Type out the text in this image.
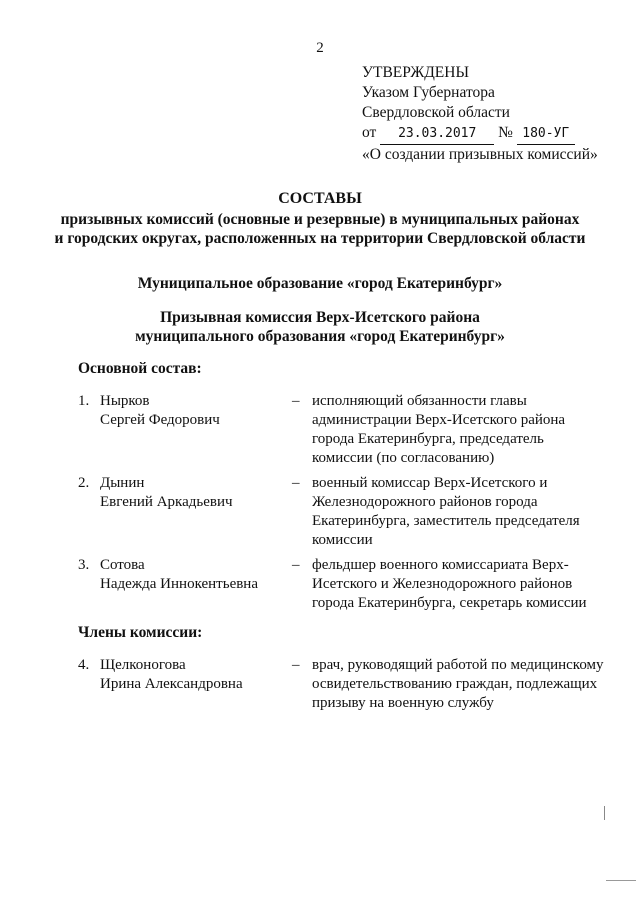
2
УТВЕРЖДЕНЫ
Указом Губернатора
Свердловской области
от 23.03.2017 № 180-УГ
«О создании призывных комиссий»
СОСТАВЫ
призывных комиссий (основные и резервные) в муниципальных районах
и городских округах, расположенных на территории Свердловской области
Муниципальное образование «город Екатеринбург»
Призывная комиссия Верх-Исетского района
муниципального образования «город Екатеринбург»
Основной состав:
1. Нырков
Сергей Федорович
– исполняющий обязанности главы
администрации Верх-Исетского района
города Екатеринбурга, председатель
комиссии (по согласованию)
2. Дынин
Евгений Аркадьевич
– военный комиссар Верх-Исетского и
Железнодорожного районов города
Екатеринбурга, заместитель председателя
комиссии
3. Сотова
Надежда Иннокентьевна
– фельдшер военного комиссариата Верх-
Исетского и Железнодорожного районов
города Екатеринбурга, секретарь комиссии
Члены комиссии:
4. Щелконогова
Ирина Александровна
– врач, руководящий работой по медицинскому
освидетельствованию граждан, подлежащих
призыву на военную службу
